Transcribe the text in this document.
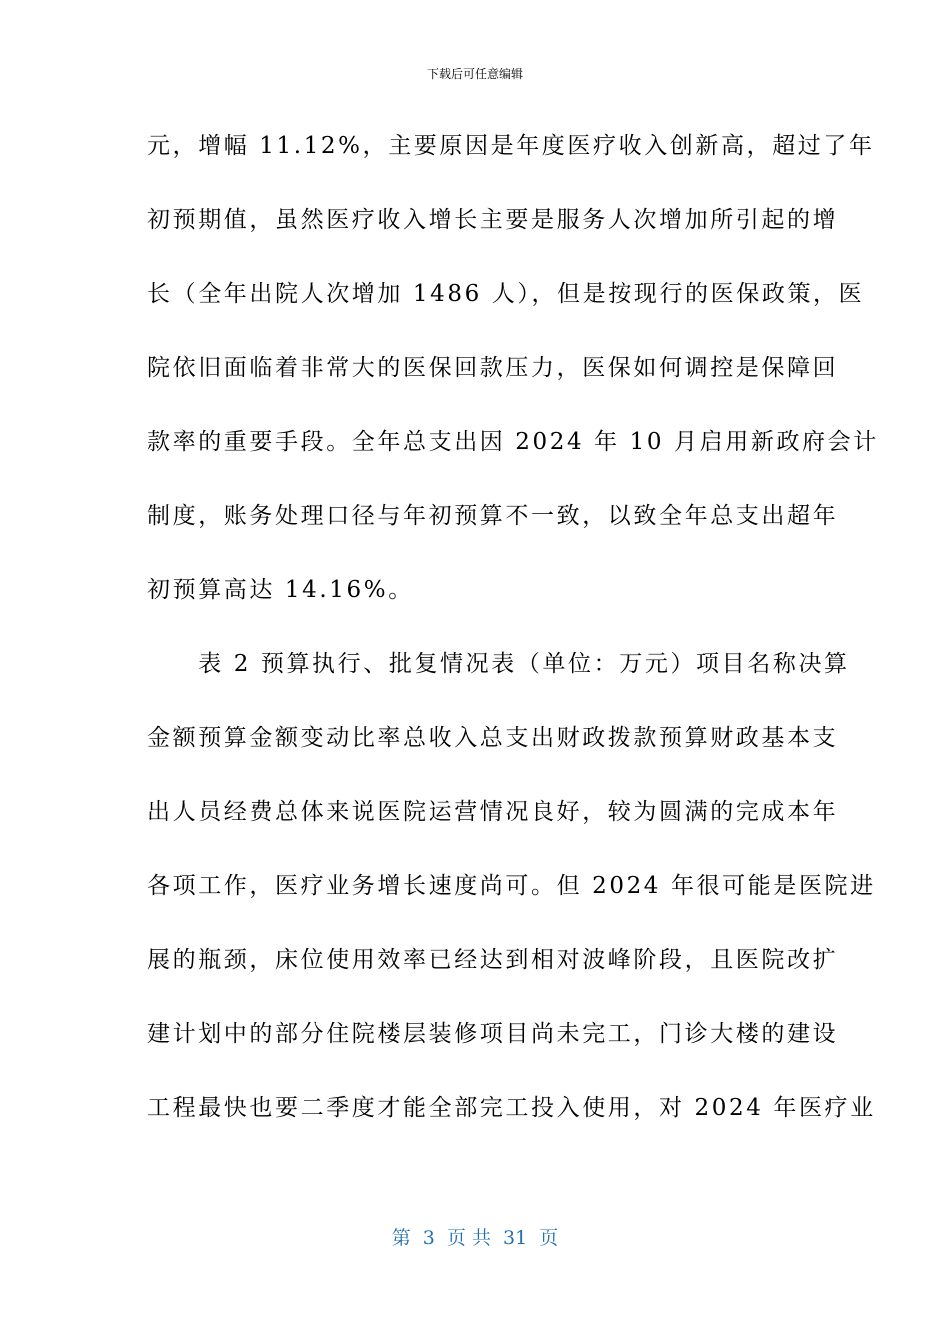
下载后可任意编辑
元，增幅 11.12%，主要原因是年度医疗收入创新高，超过了年
初预期值，虽然医疗收入增长主要是服务人次增加所引起的增
长（全年出院人次增加 1486 人），但是按现行的医保政策，医
院依旧面临着非常大的医保回款压力，医保如何调控是保障回
款率的重要手段。全年总支出因 2024 年 10 月启用新政府会计
制度，账务处理口径与年初预算不一致，以致全年总支出超年
初预算高达 14.16%。
　　表 2 预算执行、批复情况表（单位：万元）项目名称决算
金额预算金额变动比率总收入总支出财政拨款预算财政基本支
出人员经费总体来说医院运营情况良好，较为圆满的完成本年
各项工作，医疗业务增长速度尚可。但 2024 年很可能是医院进
展的瓶颈，床位使用效率已经达到相对波峰阶段，且医院改扩
建计划中的部分住院楼层装修项目尚未完工，门诊大楼的建设
工程最快也要二季度才能全部完工投入使用，对 2024 年医疗业
第  3  页 共  31  页
